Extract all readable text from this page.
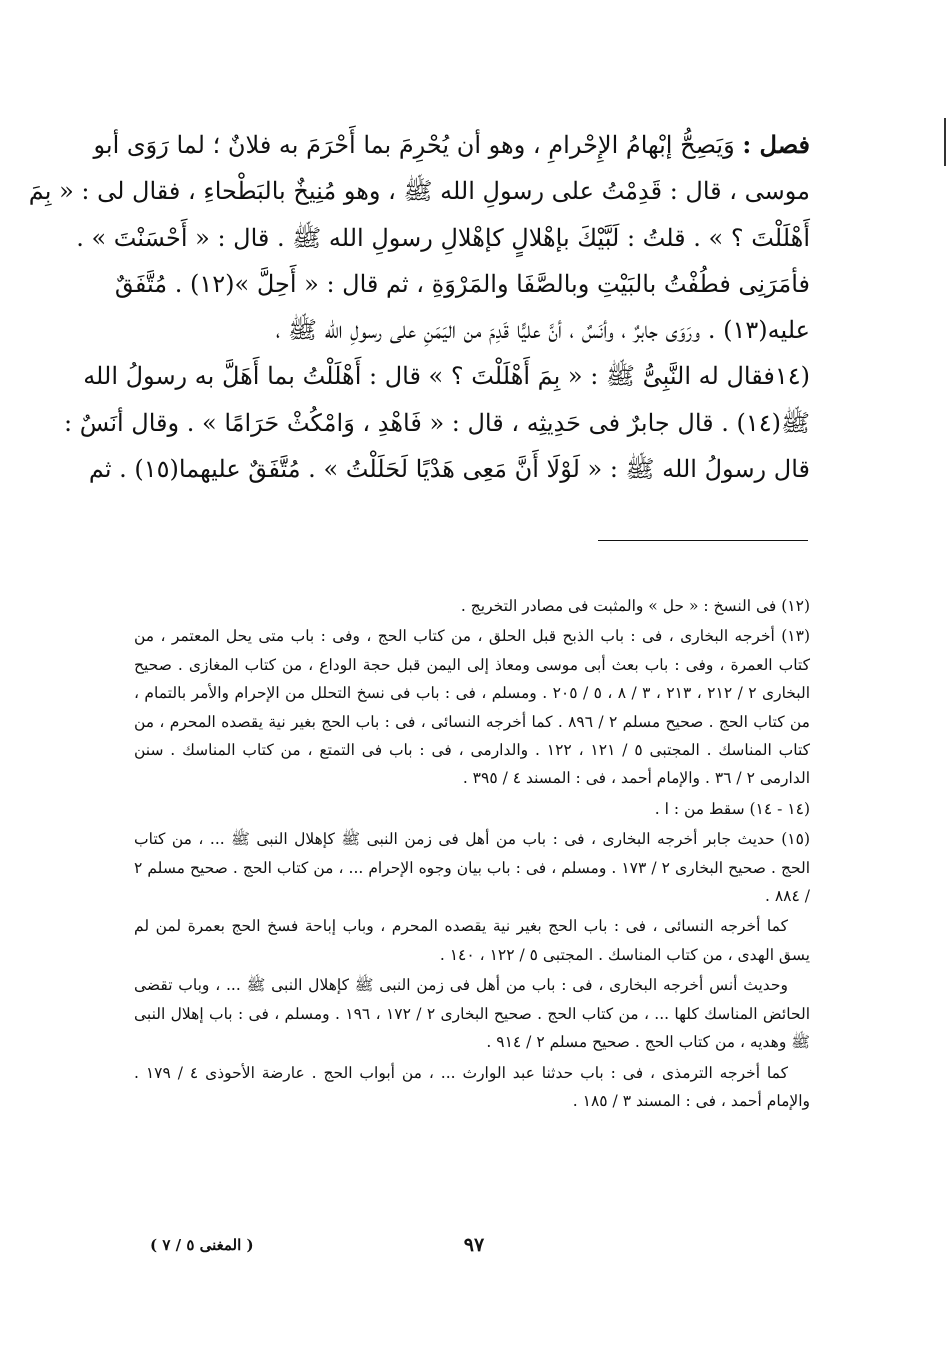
فصل : وَيَصِحُّ إبْهامُ الإِحْرامِ ، وهو أن يُحْرِمَ بما أَحْرَمَ به فلانٌ ؛ لما رَوَى أبو
موسى ، قال : قَدِمْتُ على رسولِ الله ﷺ ، وهو مُنِيخٌ بالبَطْحاءِ ، فقال لى : « بِمَ
أَهْلَلْتَ ؟ » . قلتُ : لَبَّيْكَ بإهْلالٍ كإهْلالِ رسولِ الله ﷺ . قال : « أَحْسَنْتَ » .
فأمَرَنِى فطُفْتُ بالبَيْتِ وبالصَّفَا والمَرْوَةِ ، ثم قال : « أَحِلَّ »(١٢) . مُتَّفَقٌ
عليه(١٣) . ورَوَى جابرٌ ، وأنَسٌ ، أنَّ عليًّا قَدِمَ من اليَمَنِ على رسولِ الله ﷺ ،
(١٤فقال له النَّبِىُّ ﷺ : « بِمَ أَهْلَلْتَ ؟ » قال : أَهْلَلْتُ بما أَهَلَّ به رسولُ الله
ﷺ(١٤) . قال جابرٌ فى حَدِيثِه ، قال : « فَاهْدِ ، وَامْكُثْ حَرَامًا » . وقال أنَسٌ :
قال رسولُ الله ﷺ : « لَوْلَا أَنَّ مَعِى هَدْيًا لَحَلَلْتُ » . مُتَّفَقٌ عليهما(١٥) . ثم
(١٢) فى النسخ : « حل » والمثبت فى مصادر التخريج .
(١٣) أخرجه البخارى ، فى : باب الذبح قبل الحلق ، من كتاب الحج ، وفى : باب متى يحل المعتمر ، من كتاب العمرة ، وفى : باب بعث أبى موسى ومعاذ إلى اليمن قبل حجة الوداع ، من كتاب المغازى . صحيح البخارى ٢ / ٢١٢ ، ٢١٣ ، ٣ / ٨ ، ٥ / ٢٠٥ . ومسلم ، فى : باب فى نسخ التحلل من الإحرام والأمر بالتمام ، من كتاب الحج . صحيح مسلم ٢ / ٨٩٦ . كما أخرجه النسائى ، فى : باب الحج بغير نية يقصده المحرم ، من كتاب المناسك . المجتبى ٥ / ١٢١ ، ١٢٢ . والدارمى ، فى : باب فى التمتع ، من كتاب المناسك . سنن الدارمى ٢ / ٣٦ . والإمام أحمد ، فى : المسند ٤ / ٣٩٥ .
(١٤ - ١٤) سقط من : ا .
(١٥) حديث جابر أخرجه البخارى ، فى : باب من أهل فى زمن النبى ﷺ كإهلال النبى ﷺ ... ، من كتاب الحج . صحيح البخارى ٢ / ١٧٣ . ومسلم ، فى : باب بيان وجوه الإحرام ... ، من كتاب الحج . صحيح مسلم ٢ / ٨٨٤ .
كما أخرجه النسائى ، فى : باب الحج بغير نية يقصده المحرم ، وباب إباحة فسخ الحج بعمرة لمن لم يسق الهدى ، من كتاب المناسك . المجتبى ٥ / ١٢٢ ، ١٤٠ .
وحديث أنس أخرجه البخارى ، فى : باب من أهل فى زمن النبى ﷺ كإهلال النبى ﷺ ... ، وباب تقضى الحائض المناسك كلها ... ، من كتاب الحج . صحيح البخارى ٢ / ١٧٢ ، ١٩٦ . ومسلم ، فى : باب إهلال النبى ﷺ وهديه ، من كتاب الحج . صحيح مسلم ٢ / ٩١٤ .
كما أخرجه الترمذى ، فى : باب حدثنا عبد الوارث ... ، من أبواب الحج . عارضة الأحوذى ٤ / ١٧٩ . والإمام أحمد ، فى : المسند ٣ / ١٨٥ .
٩٧
( المغنى ٥ / ٧ )
